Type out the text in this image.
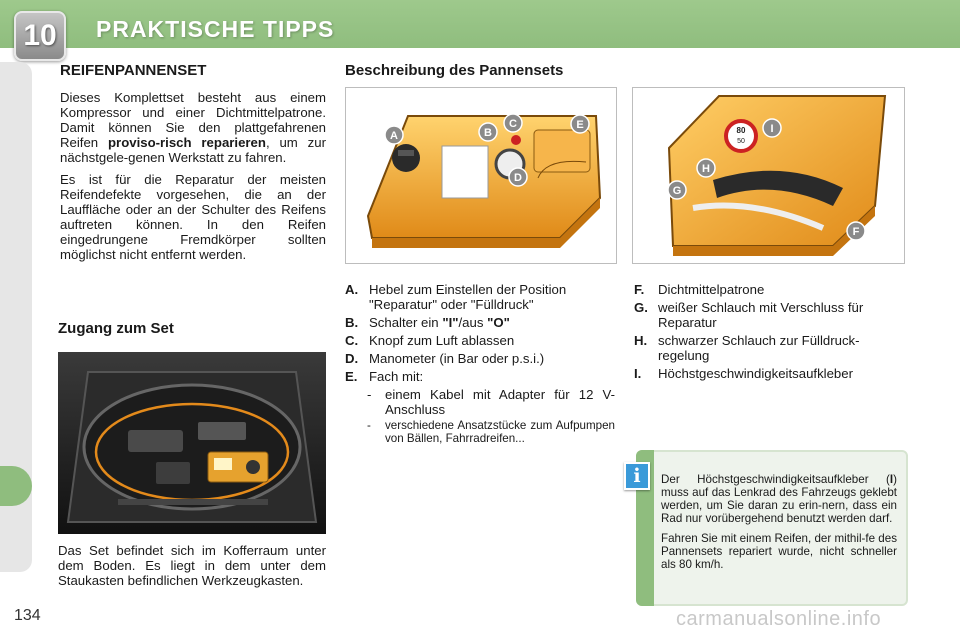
10	PRAKTISCHE TIPPS
134
REIFENPANNENSET

Dieses Komplettset besteht aus einem Kompressor und einer Dichtmittelpatrone. Damit können Sie den plattgefahrenen Reifen proviso-risch reparieren, um zur nächstgele-genen Werkstatt zu fahren.

Es ist für die Reparatur der meisten Reifendefekte vorgesehen, die an der Lauffläche oder an der Schulter des Reifens auftreten können. In den Reifen eingedrungene Fremdkörper sollten möglichst nicht entfernt werden.

Zugang zum Set

Das Set befindet sich im Kofferraum unter dem Boden. Es liegt in dem unter dem Staukasten befindlichen Werkzeugkasten.

Beschreibung des Pannensets
A	B
C
D
E	80
50
I
H
G
F
A. Hebel zum Einstellen der Position "Reparatur" oder "Fülldruck"
B. Schalter ein "I"/aus "O"
C. Knopf zum Luft ablassen
D. Manometer (in Bar oder p.s.i.)
E. Fach mit:
-	einem Kabel mit Adapter für 12 V-Anschluss
-	verschiedene Ansatzstücke zum Aufpumpen von Bällen, Fahrradreifen...
F.	Dichtmittelpatrone
G. weißer Schlauch mit Verschluss für Reparatur
H. schwarzer Schlauch zur Fülldruck-regelung
I.	Höchstgeschwindigkeitsaufkleber
i	Der Höchstgeschwindigkeitsaufkleber (I) muss auf das Lenkrad des Fahrzeugs geklebt werden, um Sie daran zu erin-nern, dass ein Rad nur vorübergehend benutzt werden darf.

Fahren Sie mit einem Reifen, der mithil-fe des Pannensets repariert wurde, nicht schneller als 80 km/h.

carmanualsonline.info
